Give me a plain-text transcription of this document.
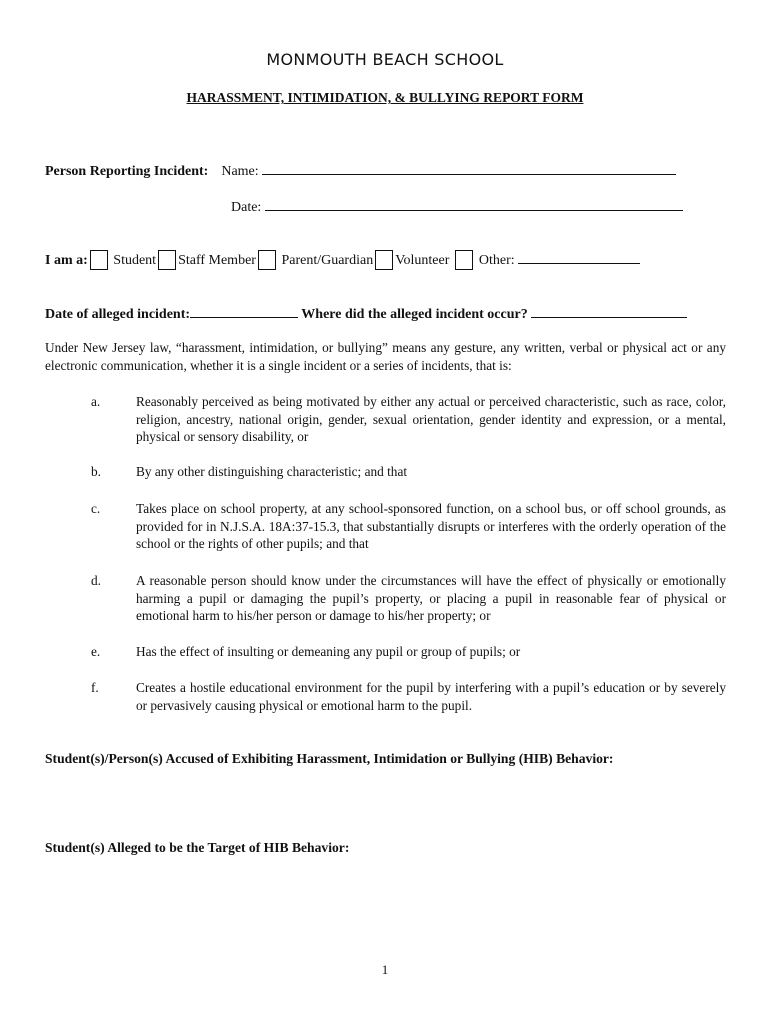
MONMOUTH BEACH SCHOOL
HARASSMENT, INTIMIDATION, & BULLYING REPORT FORM
Person Reporting Incident: Name:
Date:
I am a: Student Staff Member Parent/Guardian Volunteer Other:
Date of alleged incident:	Where did the alleged incident occur?
Under New Jersey law, “harassment, intimidation, or bullying” means any gesture, any written, verbal or physical act or any electronic communication, whether it is a single incident or a series of incidents, that is:
a.	Reasonably perceived as being motivated by either any actual or perceived characteristic, such as race, color, religion, ancestry, national origin, gender, sexual orientation, gender identity and expression, or a mental, physical or sensory disability, or
b.	By any other distinguishing characteristic; and that
c.	Takes place on school property, at any school-sponsored function, on a school bus, or off school grounds, as provided for in N.J.S.A. 18A:37-15.3, that substantially disrupts or interferes with the orderly operation of the school or the rights of other pupils; and that
d.	A reasonable person should know under the circumstances will have the effect of physically or emotionally harming a pupil or damaging the pupil’s property, or placing a pupil in reasonable fear of physical or emotional harm to his/her person or damage to his/her property; or
e.	Has the effect of insulting or demeaning any pupil or group of pupils; or
f.	Creates a hostile educational environment for the pupil by interfering with a pupil’s education or by severely or pervasively causing physical or emotional harm to the pupil.
Student(s)/Person(s) Accused of Exhibiting Harassment, Intimidation or Bullying (HIB) Behavior:
Student(s) Alleged to be the Target of HIB Behavior:
1
